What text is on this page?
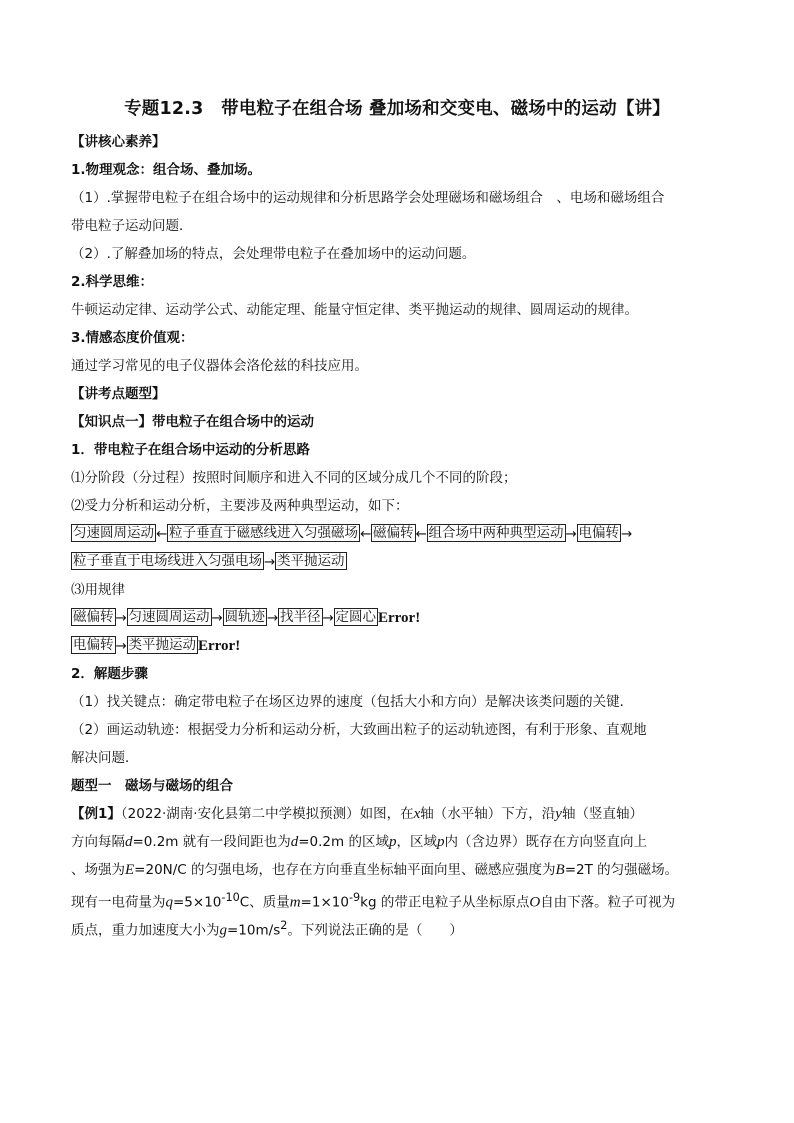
专题12.3　带电粒子在组合场 叠加场和交变电、磁场中的运动【讲】
【讲核心素养】
1.物理观念：组合场、叠加场。
（1）.掌握带电粒子在组合场中的运动规律和分析思路学会处理磁场和磁场组合　、电场和磁场组合
带电粒子运动问题．
（2）.了解叠加场的特点，会处理带电粒子在叠加场中的运动问题。
2.科学思维：
牛顿运动定律、运动学公式、动能定理、能量守恒定律、类平抛运动的规律、圆周运动的规律。
3.情感态度价值观：
通过学习常见的电子仪器体会洛伦兹的科技应用。
【讲考点题型】
【知识点一】带电粒子在组合场中的运动
1．带电粒子在组合场中运动的分析思路
⑴分阶段（分过程）按照时间顺序和进入不同的区域分成几个不同的阶段；
⑵受力分析和运动分析，主要涉及两种典型运动，如下：
匀速圆周运动 ← 粒子垂直于磁感线进入匀强磁场 ← 磁偏转 ← 组合场中两种典型运动 → 电偏转 →
粒子垂直于电场线进入匀强电场 → 类平抛运动
⑶用规律
磁偏转 → 匀速圆周运动 → 圆轨迹 → 找半径 → 定圆心 Error!
电偏转 → 类平抛运动 Error!
2．解题步骤
（1）找关键点：确定带电粒子在场区边界的速度（包括大小和方向）是解决该类问题的关键．
（2）画运动轨迹：根据受力分析和运动分析，大致画出粒子的运动轨迹图，有利于形象、直观地
解决问题．
题型一　磁场与磁场的组合
【例1】（2022·湖南·安化县第二中学模拟预测）如图，在x轴（水平轴）下方，沿y轴（竖直轴）
方向每隔d=0.2m 就有一段间距也为d=0.2m 的区域p，区域p内（含边界）既存在方向竖直向上
、场强为E=20N/C 的匀强电场，也存在方向垂直坐标轴平面向里、磁感应强度为B=2T 的匀强磁场。
现有一电荷量为$q=5\times 10^{-10}C$、质量$m=1\times 10^{-9}kg$ 的带正电粒子从坐标原点O自由下落。粒子可视为
质点，重力加速度大小为$g=10m/s^2$。下列说法正确的是（　　）
